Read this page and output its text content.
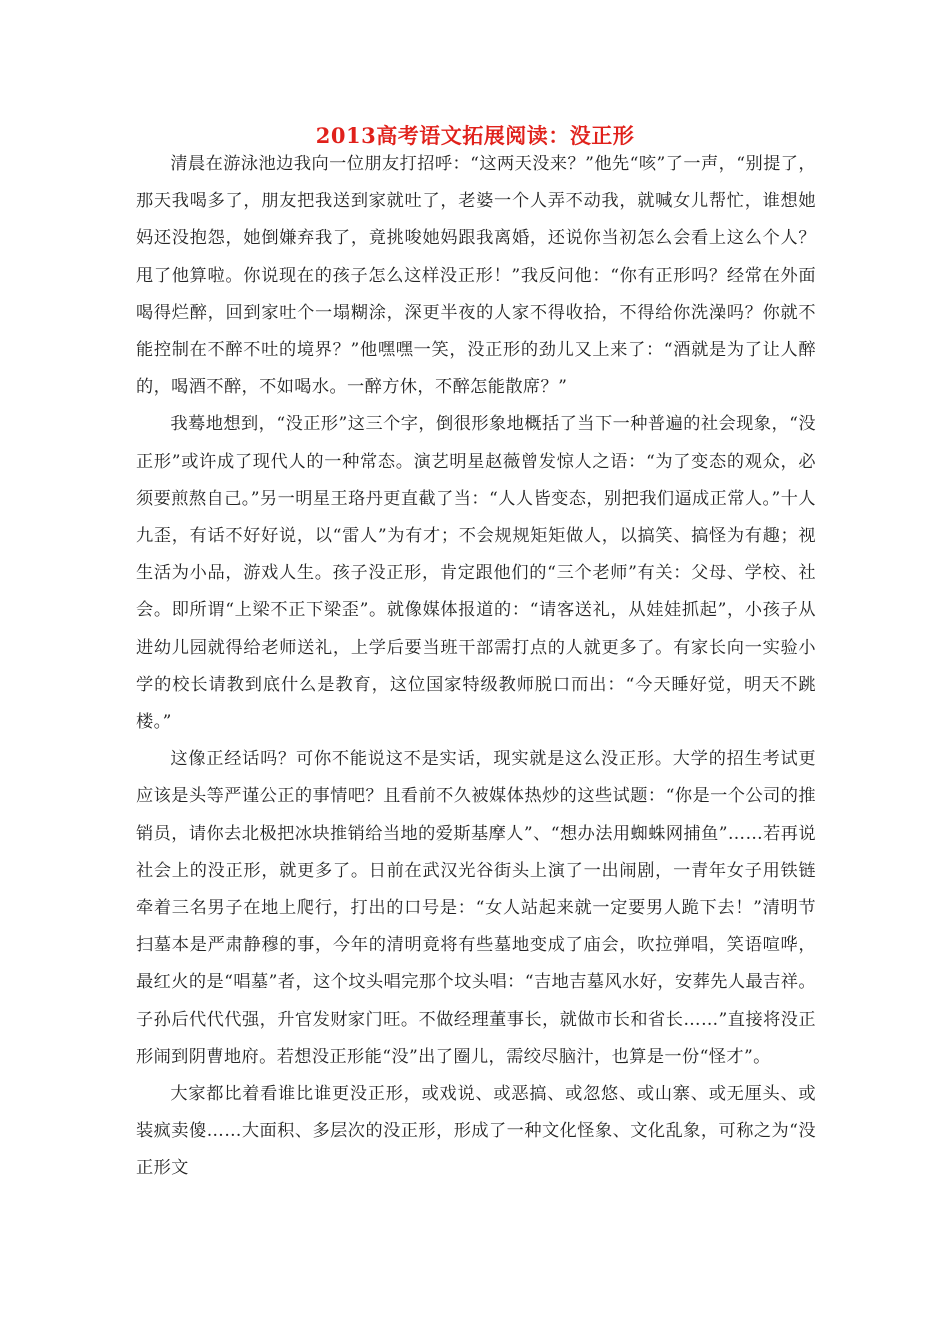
2013高考语文拓展阅读：没正形

清晨在游泳池边我向一位朋友打招呼：“这两天没来？”他先“咳”了一声，“别提了，那天我喝多了，朋友把我送到家就吐了，老婆一个人弄不动我，就喊女儿帮忙，谁想她妈还没抱怨，她倒嫌弃我了，竟挑唆她妈跟我离婚，还说你当初怎么会看上这么个人？甩了他算啦。你说现在的孩子怎么这样没正形！”我反问他：“你有正形吗？经常在外面喝得烂醉，回到家吐个一塌糊涂，深更半夜的人家不得收拾，不得给你洗澡吗？你就不能控制在不醉不吐的境界？”他嘿嘿一笑，没正形的劲儿又上来了：“酒就是为了让人醉的，喝酒不醉，不如喝水。一醉方休，不醉怎能散席？”

我蓦地想到，“没正形”这三个字，倒很形象地概括了当下一种普遍的社会现象，“没正形”或许成了现代人的一种常态。演艺明星赵薇曾发惊人之语：“为了变态的观众，必须要煎熬自己。”另一明星王珞丹更直截了当：“人人皆变态，别把我们逼成正常人。”十人九歪，有话不好好说，以“雷人”为有才；不会规规矩矩做人，以搞笑、搞怪为有趣；视生活为小品，游戏人生。孩子没正形，肯定跟他们的“三个老师”有关：父母、学校、社会。即所谓“上梁不正下梁歪”。就像媒体报道的：“请客送礼，从娃娃抓起”，小孩子从进幼儿园就得给老师送礼，上学后要当班干部需打点的人就更多了。有家长向一实验小学的校长请教到底什么是教育，这位国家特级教师脱口而出：“今天睡好觉，明天不跳楼。”

这像正经话吗？可你不能说这不是实话，现实就是这么没正形。大学的招生考试更应该是头等严谨公正的事情吧？且看前不久被媒体热炒的这些试题：“你是一个公司的推销员，请你去北极把冰块推销给当地的爱斯基摩人”、“想办法用蜘蛛网捕鱼”……若再说社会上的没正形，就更多了。日前在武汉光谷街头上演了一出闹剧，一青年女子用铁链牵着三名男子在地上爬行，打出的口号是：“女人站起来就一定要男人跪下去！”清明节扫墓本是严肃静穆的事，今年的清明竟将有些墓地变成了庙会，吹拉弹唱，笑语喧哗，最红火的是“唱墓”者，这个坟头唱完那个坟头唱：“吉地吉墓风水好，安葬先人最吉祥。子孙后代代代强，升官发财家门旺。不做经理董事长，就做市长和省长……”直接将没正形闹到阴曹地府。若想没正形能“没”出了圈儿，需绞尽脑汁，也算是一份“怪才”。

大家都比着看谁比谁更没正形，或戏说、或恶搞、或忽悠、或山寨、或无厘头、或装疯卖傻……大面积、多层次的没正形，形成了一种文化怪象、文化乱象，可称之为“没正形文
